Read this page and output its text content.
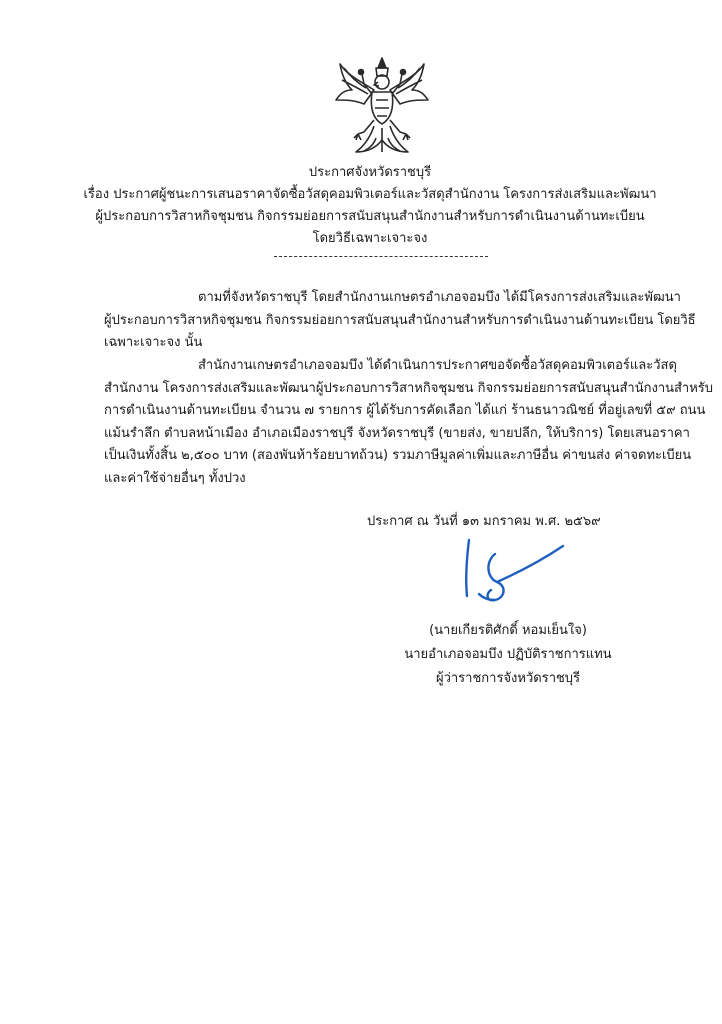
ประกาศจังหวัดราชบุรี
เรื่อง ประกาศผู้ชนะการเสนอราคาจัดซื้อวัสดุคอมพิวเตอร์และวัสดุสำนักงาน โครงการส่งเสริมและพัฒนา
ผู้ประกอบการวิสาหกิจชุมชน กิจกรรมย่อยการสนับสนุนสำนักงานสำหรับการดำเนินงานด้านทะเบียน
โดยวิธีเฉพาะเจาะจง
ตามที่จังหวัดราชบุรี โดยสำนักงานเกษตรอำเภอจอมบึง ได้มีโครงการส่งเสริมและพัฒนา
ผู้ประกอบการวิสาหกิจชุมชน กิจกรรมย่อยการสนับสนุนสำนักงานสำหรับการดำเนินงานด้านทะเบียน โดยวิธี
เฉพาะเจาะจง นั้น
สำนักงานเกษตรอำเภอจอมบึง ได้ดำเนินการประกาศขอจัดซื้อวัสดุคอมพิวเตอร์และวัสดุ
สำนักงาน โครงการส่งเสริมและพัฒนาผู้ประกอบการวิสาหกิจชุมชน กิจกรรมย่อยการสนับสนุนสำนักงานสำหรับ
การดำเนินงานด้านทะเบียน จำนวน ๗ รายการ ผู้ได้รับการคัดเลือก ได้แก่ ร้านธนาวณิชย์ ที่อยู่เลขที่ ๕๙ ถนน
แม้นรำลึก ตำบลหน้าเมือง อำเภอเมืองราชบุรี จังหวัดราชบุรี (ขายส่ง, ขายปลีก, ให้บริการ) โดยเสนอราคา
เป็นเงินทั้งสิ้น ๒,๕๐๐ บาท (สองพันห้าร้อยบาทถ้วน) รวมภาษีมูลค่าเพิ่มและภาษีอื่น ค่าขนส่ง ค่าจดทะเบียน
และค่าใช้จ่ายอื่นๆ ทั้งปวง
ประกาศ ณ วันที่ ๑๓ มกราคม พ.ศ. ๒๕๖๙
(นายเกียรติศักดิ์ หอมเย็นใจ)
นายอำเภอจอมบึง ปฏิบัติราชการแทน
ผู้ว่าราชการจังหวัดราชบุรี
